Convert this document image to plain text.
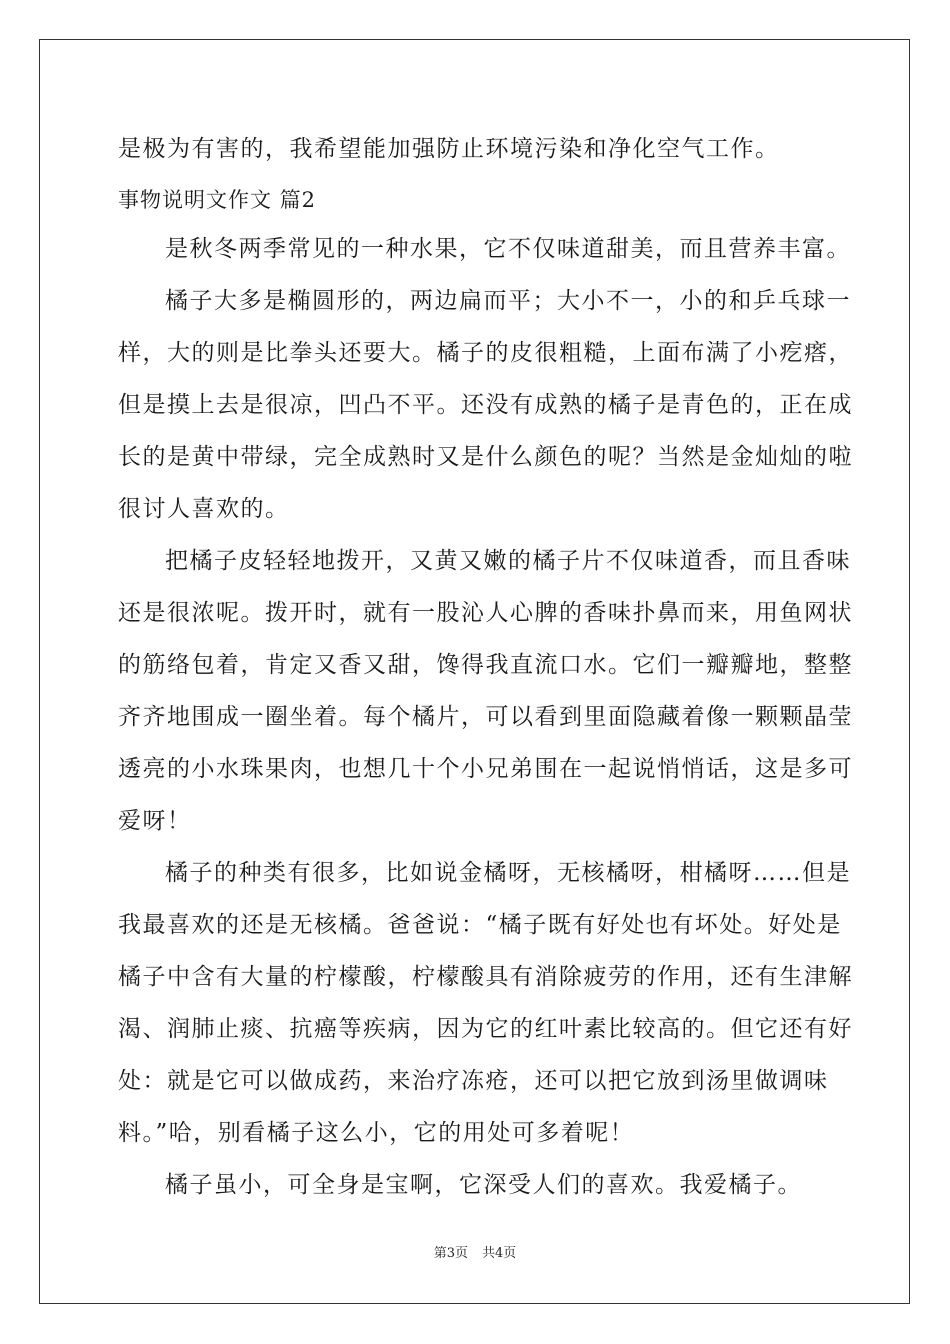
是极为有害的，我希望能加强防止环境污染和净化空气工作。
事物说明文作文 篇2
是秋冬两季常见的一种水果，它不仅味道甜美，而且营养丰富。
橘子大多是椭圆形的，两边扁而平；大小不一，小的和乒乓球一
样，大的则是比拳头还要大。橘子的皮很粗糙，上面布满了小疙瘩，
但是摸上去是很凉，凹凸不平。还没有成熟的橘子是青色的，正在成
长的是黄中带绿，完全成熟时又是什么颜色的呢？当然是金灿灿的啦
很讨人喜欢的。
把橘子皮轻轻地拨开，又黄又嫩的橘子片不仅味道香，而且香味
还是很浓呢。拨开时，就有一股沁人心脾的香味扑鼻而来，用鱼网状
的筋络包着，肯定又香又甜，馋得我直流口水。它们一瓣瓣地，整整
齐齐地围成一圈坐着。每个橘片，可以看到里面隐藏着像一颗颗晶莹
透亮的小水珠果肉，也想几十个小兄弟围在一起说悄悄话，这是多可
爱呀！
橘子的种类有很多，比如说金橘呀，无核橘呀，柑橘呀……但是
我最喜欢的还是无核橘。爸爸说：“橘子既有好处也有坏处。好处是
橘子中含有大量的柠檬酸，柠檬酸具有消除疲劳的作用，还有生津解
渴、润肺止痰、抗癌等疾病，因为它的红叶素比较高的。但它还有好
处：就是它可以做成药，来治疗冻疮，还可以把它放到汤里做调味
料。”哈，别看橘子这么小，它的用处可多着呢！
橘子虽小，可全身是宝啊，它深受人们的喜欢。我爱橘子。
第3页 共4页
